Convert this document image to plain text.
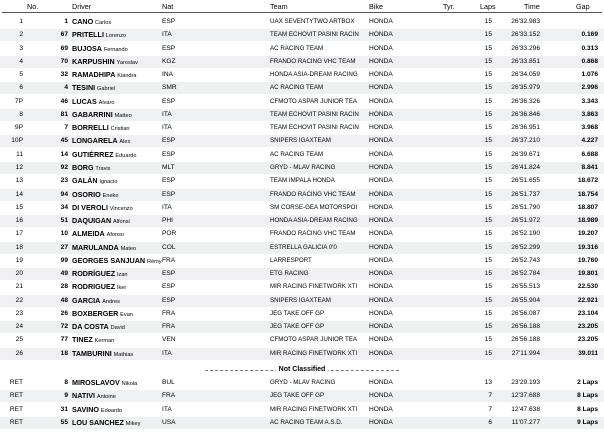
No.	Driver	Nat	Team	Bike	Tyr.	Laps	Time	Gap
1	1 CANO Carlos	ESP	UAX SEVENTYTWO ARTBOX	HONDA	15	26'32.983
2	67 PRITELLI Lorenzo	ITA	TEAM ECHOVIT PASINI RACIN	HONDA	15	26'33.152	0.169
3	69 BUJOSA Fernando	ESP	AC RACING TEAM	HONDA	15	26'33.296	0.313
4	70 KARPUSHIN Yaroslav	KGZ	FRANDO RACING VHC TEAM	HONDA	15	26'33.851	0.868
5	32 RAMADHIPA Kiandra	INA	HONDA ASIA-DREAM RACING	HONDA	15	26'34.059	1.076
6	4 TESINI Gabriel	SMR	AC RACING TEAM	HONDA	15	26'35.979	2.996
7P	46 LUCAS Alvaro	ESP	CFMOTO ASPAR JUNIOR TEA	HONDA	15	26'36.326	3.343
8	81 GABARRINI Matteo	ITA	TEAM ECHOVIT PASINI RACIN	HONDA	15	26'36.846	3.863
9P	7 BORRELLI Cristian	ITA	TEAM ECHOVIT PASINI RACIN	HONDA	15	26'36.951	3.968
10P	45 LONGARELA Alex	ESP	SNIPERS IGAXTEAM	HONDA	15	26'37.210	4.227
11	14 GUTIÉRREZ Eduardo	ESP	AC RACING TEAM	HONDA	15	26'39.671	6.688
12	92 BORG Travis	MLT	GRYD - MLAV RACING	HONDA	15	26'41.824	8.841
13	23 GALÁN Ignacio	ESP	TEAM IMPALA HONDA	HONDA	15	26'51.655	18.672
14	94 OSORIO Eneko	ESP	FRANDO RACING VHC TEAM	HONDA	15	26'51.737	18.754
15	34 DI VEROLI Vincenzo	ITA	SM CORSE-GEA MOTORSPOI	HONDA	15	26'51.790	18.807
16	51 DAQUIGAN Alfonsi	PHI	HONDA ASIA-DREAM RACING	HONDA	15	26'51.972	18.989
17	10 ALMEIDA Afonso	POR	FRANDO RACING VHC TEAM	HONDA	15	26'52.190	19.207
18	27 MARULANDA Mateo	COL	ESTRELLA GALICIA 0'0	HONDA	15	26'52.299	19.316
19	99 GEORGES SANJUAN Rémy FRA	LARRESPORT	HONDA	15	26'52.743	19.760
20	49 RODRÍGUEZ Izan	ESP	ETG RACING	HONDA	15	26'52.784	19.801
21	28 RODRIGUEZ Iker	ESP	MIR RACING FINETWORK XTI	HONDA	15	26'55.513	22.530
22	48 GARCIA Andres	ESP	SNIPERS IGAXTEAM	HONDA	15	26'55.904	22.921
23	26 BOXBERGER Evan	FRA	JEG TAKE OFF GP	HONDA	15	26'56.087	23.104
24	72 DA COSTA David	FRA	JEG TAKE OFF GP	HONDA	15	26'56.188	23.205
25	77 TINEZ Kerman	VEN	CFMOTO ASPAR JUNIOR TEA	HONDA	15	26'56.188	23.205
26	18 TAMBURINI Mathias	ITA	MIR RACING FINETWORK XTI	HONDA	15	27'11.994	39.011
Not Classified
RET	8 MIROSLAVOV Nikola	BUL	GRYD - MLAV RACING	HONDA	13	23'29.193	2 Laps
RET	9 NATIVI Antoine	FRA	JEG TAKE OFF GP	HONDA	7	12'37.688	8 Laps
RET	31 SAVINO Edoardo	ITA	MIR RACING FINETWORK XTI	HONDA	7	12'47.638	8 Laps
RET	55 LOU SANCHEZ Mikey	USA	AC RACING TEAM A.S.D.	HONDA	6	11'07.277	9 Laps
